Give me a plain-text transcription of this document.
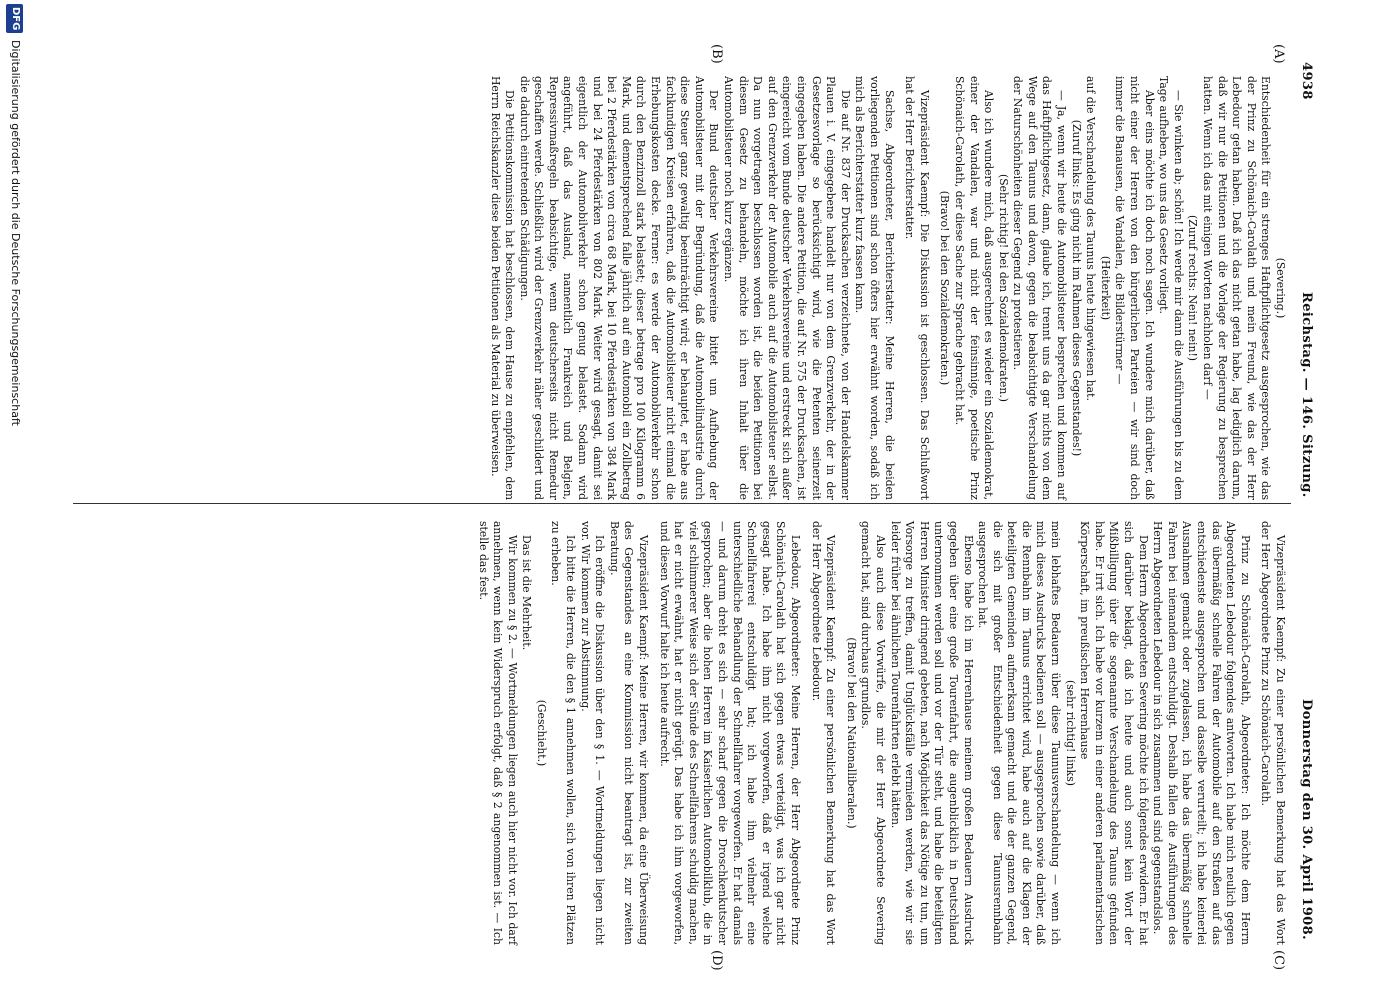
4938
Reichstag. — 146. Sitzung.
Donnerstag den 30. April 1908.
(A)
(B)
(C)
(D)

(Severing.)

Entschiedenheit für ein strenges Haftpflichtgesetz ausgesprochen, wie das der Prinz zu Schönaich-Carolath und mein Freund, wie das der Herr Lebedour getan haben. Daß ich das nicht getan habe, lag lediglich darum, daß wir nur die Petitionen und die Vorlage der Regierung zu besprechen hatten. Wenn ich das mit einigen Worten nachholen darf —

(Zuruf rechts: Nein! nein!)

— Sie winken ab; schön! Ich werde mir dann die Ausführungen bis zu dem Tage aufheben, wo uns das Gesetz vorliegt.

Aber eins möchte ich doch noch sagen. Ich wundere mich darüber, daß nicht einer der Herren von den bürgerlichen Parteien — wir sind doch immer die Banausen, die Vandalen, die Bilderstürmer —

(Heiterkeit)

auf die Verschandelung des Taunus heute hingewiesen hat.

(Zuruf links: Es ging nicht im Rahmen dieses Gegenstandes!)

— Ja, wenn wir heute die Automobilsteuer besprechen und kommen auf das Haftpflichtgesetz, dann, glaube ich, trennt uns da gar nichts von dem Wege auf den Taunus und davon, gegen die beabsichtigte Verschandelung der Naturschönheiten dieser Gegend zu protestieren.

(Sehr richtig! bei den Sozialdemokraten.)

Also ich wundere mich, daß ausgerechnet es wieder ein Sozialdemokrat, einer der Vandalen, war und nicht der feinsinnige, poetische Prinz Schönaich-Carolath, der diese Sache zur Sprache gebracht hat.

(Bravo! bei den Sozialdemokraten.)

Vizepräsident Kaempf: Die Diskussion ist geschlossen. Das Schlußwort hat der Herr Berichterstatter.

Sachse, Abgeordneter, Berichterstatter: Meine Herren, die beiden vorliegenden Petitionen sind schon öfters hier erwähnt worden, sodaß ich mich als Berichterstatter kurz fassen kann.

Die auf Nr. 837 der Drucksachen verzeichnete, von der Handelskammer Plauen i. V. eingegebene handelt nur von dem Grenzverkehr, der in der Gesetzesvorlage so berücksichtigt wird, wie die Petenten seinerzeit eingegeben haben. Die andere Petition, die auf Nr. 575 der Drucksachen, ist eingereicht vom Bunde deutscher Verkehrsvereine und erstreckt sich außer auf den Grenzverkehr der Automobile auch auf die Automobilsteuer selbst. Da nun vorgetragen beschlossen worden ist, die beiden Petitionen bei diesem Gesetz zu behandeln, möchte ich ihren Inhalt über die Automobilsteuer noch kurz ergänzen.

Der Bund deutscher Verkehrsvereine bittet um Aufhebung der Automobilsteuer mit der Begründung, daß die Automobilindustrie durch diese Steuer ganz gewaltig beeinträchtigt wird; er behauptet, er habe aus fachkundigen Kreisen erfahren, daß die Automobilsteuer nicht einmal die Erhebungskosten decke. Ferner: es werde der Automobilverkehr schon durch den Benzinzoll stark belastet; dieser betrage pro 100 Kilogramm 6 Mark, und dementsprechend falle jährlich auf ein Automobil ein Zollbetrag bei 2 Pferdestärken von circa 68 Mark, bei 10 Pferdestärken von 384 Mark und bei 24 Pferdestärken von 802 Mark. Weiter wird gesagt, damit sei eigentlich der Automobilverkehr schon genug belastet. Sodann wird angeführt, daß das Ausland, namentlich Frankreich und Belgien, Repressivmaßregeln beabsichtige, wenn deutscherseits nicht Remedur geschaffen werde. Schließlich wird der Grenzverkehr näher geschildert und die dadurch eintretenden Schädigungen.

Die Petitionskommission hat beschlossen, dem Hause zu empfehlen, dem Herrn Reichskanzler diese beiden Petitionen als Material zu überweisen.

Vizepräsident Kaempf: Zu einer persönlichen Bemerkung hat das Wort der Herr Abgeordnete Prinz zu Schönaich-Carolath.

Prinz zu Schönaich-Carolath, Abgeordneter: Ich möchte dem Herrn Abgeordneten Lebedour folgendes antworten. Ich habe mich neulich gegen das übermäßig schnelle Fahren der Automobile auf den Straßen auf das entschiedenste ausgesprochen und dasselbe verurteilt; ich habe keinerlei Ausnahmen gemacht oder zugelassen, ich habe das übermäßig schnelle Fahren bei niemandem entschuldigt. Deshalb fallen die Ausführungen des Herrn Abgeordneten Lebedour in sich zusammen und sind gegenstandslos.

Dem Herrn Abgeordneten Severing möchte ich folgendes erwidern. Er hat sich darüber beklagt, daß ich heute und auch sonst kein Wort der Mißbilligung über die sogenannte Verschandelung des Taunus gefunden habe. Er irrt sich. Ich habe vor kurzem in einer anderen parlamentarischen Körperschaft, im preußischen Herrenhause

(sehr richtig! links)

mein lebhaftes Bedauern über diese Taunusverschandelung — wenn ich mich dieses Ausdrucks bedienen soll — ausgesprochen sowie darüber, daß die Rennbahn im Taunus errichtet wird, habe auch auf die Klagen der beteiligten Gemeinden aufmerksam gemacht und die der ganzen Gegend, die sich mit großer Entschiedenheit gegen diese Taunusrennbahn ausgesprochen hat.

Ebenso habe ich im Herrenhause meinem großen Bedauern Ausdruck gegeben über eine große Tourenfahrt, die augenblicklich in Deutschland unternommen werden soll und vor der Tür steht, und habe die beteiligten Herren Minister dringend gebeten, nach Möglichkeit das Nötige zu tun, um Vorsorge zu treffen, damit Unglücksfälle vermieden werden, wie wir sie leider früher bei ähnlichen Tourenfahrten erlebt hätten.

Also auch diese Vorwürfe, die mir der Herr Abgeordnete Severing gemacht hat, sind durchaus grundlos.

(Bravo! bei den Nationalliberalen.)

Vizepräsident Kaempf: Zu einer persönlichen Bemerkung hat das Wort der Herr Abgeordnete Lebedour.

Lebedour, Abgeordneter: Meine Herren, der Herr Abgeordnete Prinz Schönaich-Carolath hat sich gegen etwas verteidigt, was ich gar nicht gesagt habe. Ich habe ihm nicht vorgeworfen, daß er irgend welche Schnellfahrerei entschuldigt hat; ich habe ihm vielmehr eine unterschiedliche Behandlung der Schnellfahrer vorgeworfen. Er hat damals — und darum dreht es sich — sehr scharf gegen die Droschkenkutscher gesprochen; aber die hohen Herren im Kaiserlichen Automobilklub, die in viel schlimmerer Weise sich der Sünde des Schnellfahrens schuldig machen, hat er nicht erwähnt, hat er nicht gerügt. Das habe ich ihm vorgeworfen, und diesen Vorwurf halte ich heute aufrecht.

Vizepräsident Kaempf: Meine Herren, wir kommen, da eine Überweisung des Gegenstandes an eine Kommission nicht beantragt ist, zur zweiten Beratung.

Ich eröffne die Diskussion über den § 1. — Wortmeldungen liegen nicht vor. Wir kommen zur Abstimmung.

Ich bitte die Herren, die den § 1 annehmen wollen, sich von ihren Plätzen zu erheben.

(Geschieht.)

Das ist die Mehrheit.

Wir kommen zu § 2. — Wortmeldungen liegen auch hier nicht vor. Ich darf annehmen, wenn kein Widerspruch erfolgt, daß § 2 angenommen ist. — Ich stelle das fest.

DFG
Digitalisierung gefördert durch die Deutsche Forschungsgemeinschaft
